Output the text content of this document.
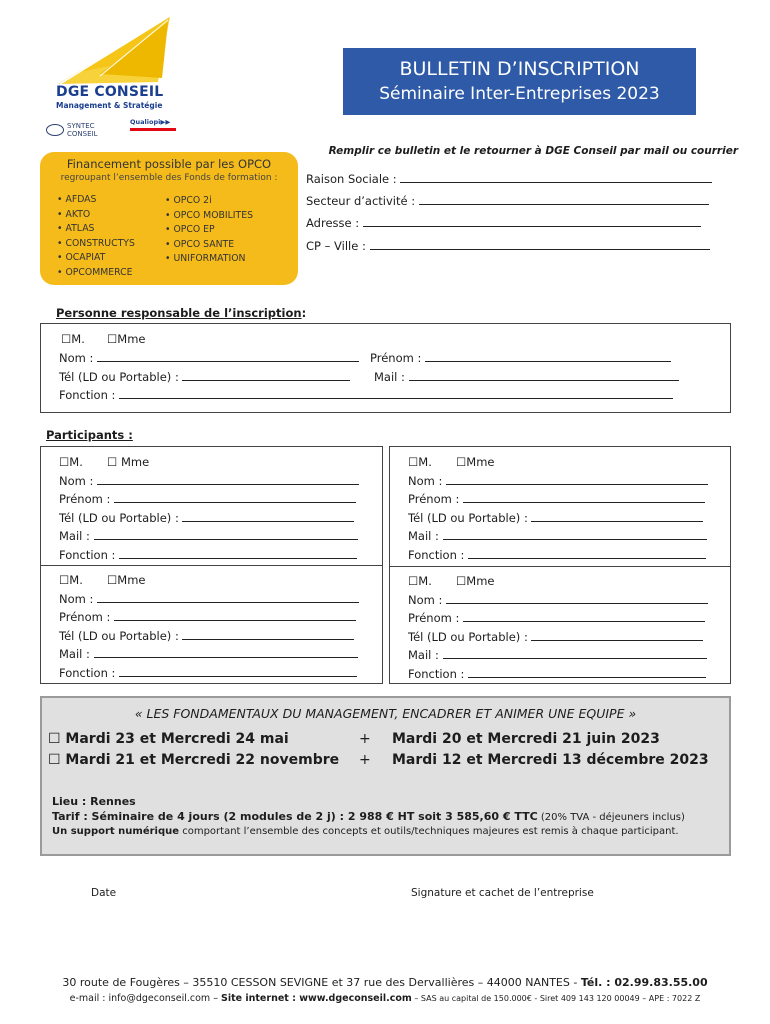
DGE CONSEIL
Management & Stratégie
SYNTEC
CONSEIL
Qualiopi▶▶
BULLETIN D’INSCRIPTION
Séminaire Inter-Entreprises 2023
Remplir ce bulletin et le retourner à DGE Conseil par mail ou courrier
Financement possible par les OPCO
regroupant l’ensemble des Fonds de formation :
• AFDAS
• AKTO
• ATLAS
• CONSTRUCTYS
• OCAPIAT
• OPCOMMERCE
• OPCO 2i
• OPCO MOBILITES
• OPCO EP
• OPCO SANTE
• UNIFORMATION
Raison Sociale :
Secteur d’activité :
Adresse :
CP – Ville :
Personne responsable de l’inscription:
☐M. ☐Mme
Nom :	Prénom :
Tél (LD ou Portable) :	Mail :
Fonction :
Participants :
☐M. ☐ Mme
Nom :
Prénom :
Tél (LD ou Portable) :
Mail :
Fonction :
☐M. ☐Mme
Nom :
Prénom :
Tél (LD ou Portable) :
Mail :
Fonction :
☐M. ☐Mme
Nom :
Prénom :
Tél (LD ou Portable) :
Mail :
Fonction :
☐M. ☐Mme
Nom :
Prénom :
Tél (LD ou Portable) :
Mail :
Fonction :
« LES FONDAMENTAUX DU MANAGEMENT, ENCADRER ET ANIMER UNE EQUIPE »
☐ Mardi 23 et Mercredi 24 mai	+ Mardi 20 et Mercredi 21 juin 2023
☐ Mardi 21 et Mercredi 22 novembre + Mardi 12 et Mercredi 13 décembre 2023
Lieu : Rennes
Tarif : Séminaire de 4 jours (2 modules de 2 j) : 2 988 € HT soit 3 585,60 € TTC (20% TVA - déjeuners inclus)
Un support numérique comportant l’ensemble des concepts et outils/techniques majeures est remis à chaque participant.
Date	Signature et cachet de l’entreprise
30 route de Fougères – 35510 CESSON SEVIGNE et 37 rue des Dervallières – 44000 NANTES - Tél. : 02.99.83.55.00
e-mail : info@dgeconseil.com – Site internet : www.dgeconseil.com – SAS au capital de 150.000€ - Siret 409 143 120 00049 – APE : 7022 Z
